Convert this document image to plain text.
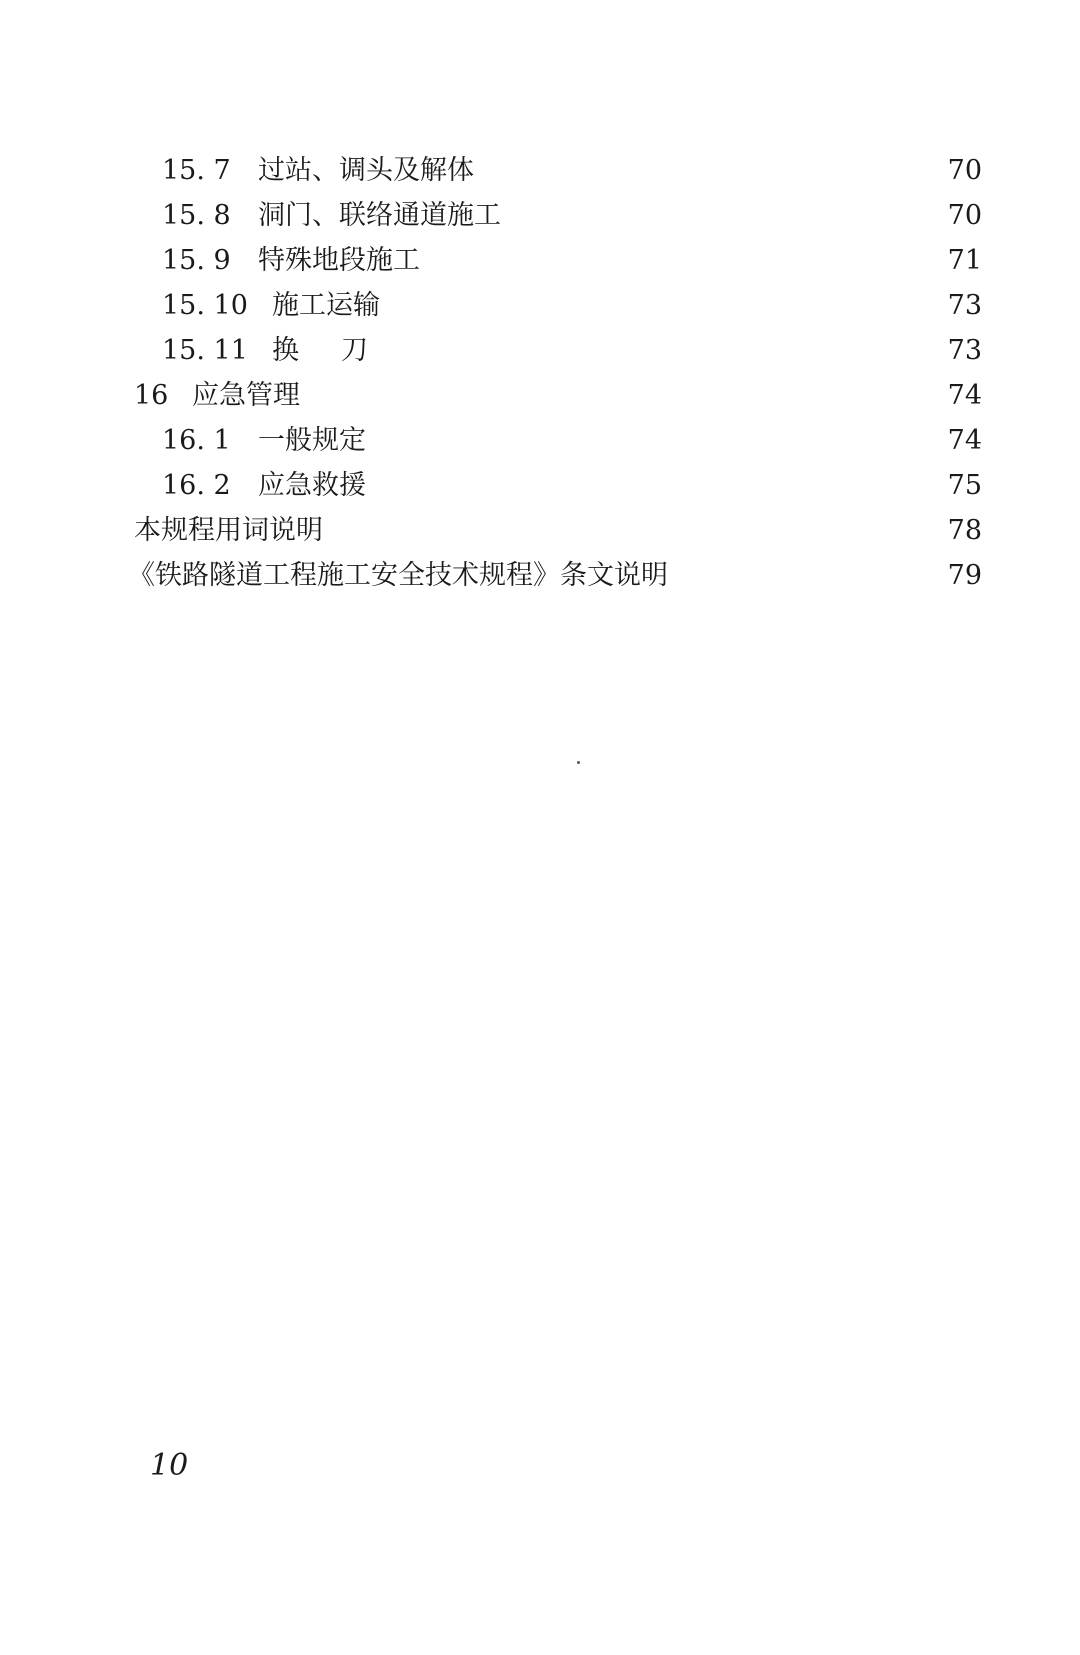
15. 7	过站、调头及解体	70
15. 8	洞门、联络通道施工	70
15. 9	特殊地段施工	71
15. 10 施工运输	73
15. 11 换刀	73
16 应急管理	74
16. 1	一般规定	74
16. 2	应急救援	75
本规程用词说明	78
《铁路隧道工程施工安全技术规程》条文说明	79
10
